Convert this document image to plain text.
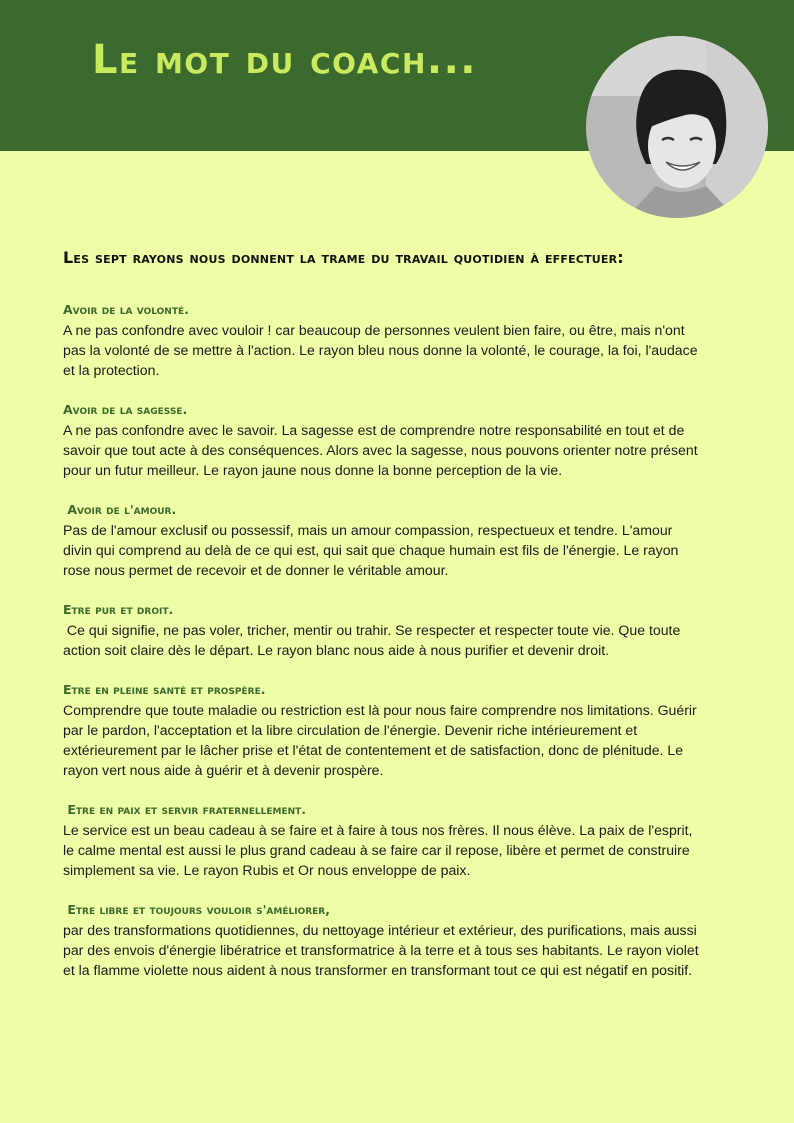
Le mot du coach...
Les sept rayons nous donnent la trame du travail quotidien à effectuer:
Avoir de la volonté.
A ne pas confondre avec vouloir ! car beaucoup de personnes veulent bien faire, ou être, mais n'ont pas la volonté de se mettre à l'action. Le rayon bleu nous donne la volonté, le courage, la foi, l'audace et la protection.
Avoir de la sagesse.
A ne pas confondre avec le savoir. La sagesse est de comprendre notre responsabilité en tout et de savoir que tout acte à des conséquences. Alors avec la sagesse, nous pouvons orienter notre présent pour un futur meilleur. Le rayon jaune nous donne la bonne perception de la vie.
Avoir de l'amour.
Pas de l'amour exclusif ou possessif, mais un amour compassion, respectueux et tendre. L'amour divin qui comprend au delà de ce qui est, qui sait que chaque humain est fils de l'énergie. Le rayon rose nous permet de recevoir et de donner le véritable amour.
Etre pur et droit.
Ce qui signifie, ne pas voler, tricher, mentir ou trahir. Se respecter et respecter toute vie. Que toute action soit claire dès le départ. Le rayon blanc nous aide à nous purifier et devenir droit.
Etre en pleine santé et prospère.
Comprendre que toute maladie ou restriction est là pour nous faire comprendre nos limitations. Guérir par le pardon, l'acceptation et la libre circulation de l'énergie. Devenir riche intérieurement et extérieurement par le lâcher prise et l'état de contentement et de satisfaction, donc de plénitude. Le rayon vert nous aide à guérir et à devenir prospère.
Etre en paix et servir fraternellement.
Le service est un beau cadeau à se faire et à faire à tous nos frères. Il nous élève. La paix de l'esprit, le calme mental est aussi le plus grand cadeau à se faire car il repose, libère et permet de construire simplement sa vie. Le rayon Rubis et Or nous enveloppe de paix.
Etre libre et toujours vouloir s'améliorer,
par des transformations quotidiennes, du nettoyage intérieur et extérieur, des purifications, mais aussi par des envois d'énergie libératrice et transformatrice à la terre et à tous ses habitants. Le rayon violet et la flamme violette nous aident à nous transformer en transformant tout ce qui est négatif en positif.
